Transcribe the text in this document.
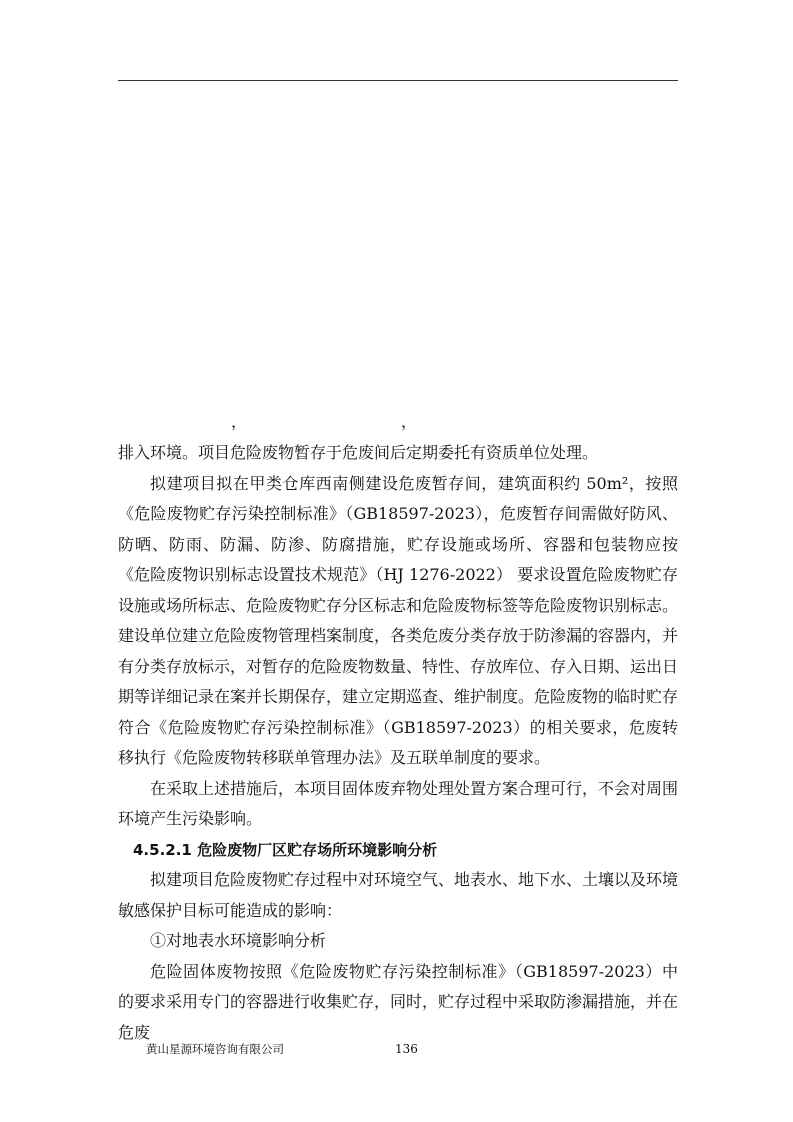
，	，

排入环境。项目危险废物暂存于危废间后定期委托有资质单位处理。

拟建项目拟在甲类仓库西南侧建设危废暂存间，建筑面积约 50m²，按照《危险废物贮存污染控制标准》（GB18597-2023），危废暂存间需做好防风、防晒、防雨、防漏、防渗、防腐措施，贮存设施或场所、容器和包装物应按 《危险废物识别标志设置技术规范》（HJ 1276-2022） 要求设置危险废物贮存设施或场所标志、危险废物贮存分区标志和危险废物标签等危险废物识别标志。建设单位建立危险废物管理档案制度，各类危废分类存放于防渗漏的容器内，并有分类存放标示，对暂存的危险废物数量、特性、存放库位、存入日期、运出日期等详细记录在案并长期保存，建立定期巡查、维护制度。危险废物的临时贮存符合《危险废物贮存污染控制标准》（GB18597-2023）的相关要求，危废转移执行《危险废物转移联单管理办法》及五联单制度的要求。

在采取上述措施后，本项目固体废弃物处理处置方案合理可行，不会对周围环境产生污染影响。

4.5.2.1 危险废物厂区贮存场所环境影响分析

拟建项目危险废物贮存过程中对环境空气、地表水、地下水、土壤以及环境敏感保护目标可能造成的影响：

①对地表水环境影响分析

危险固体废物按照《危险废物贮存污染控制标准》（GB18597-2023）中的要求采用专门的容器进行收集贮存，同时，贮存过程中采取防渗漏措施，并在危废

黄山星源环境咨询有限公司	136
